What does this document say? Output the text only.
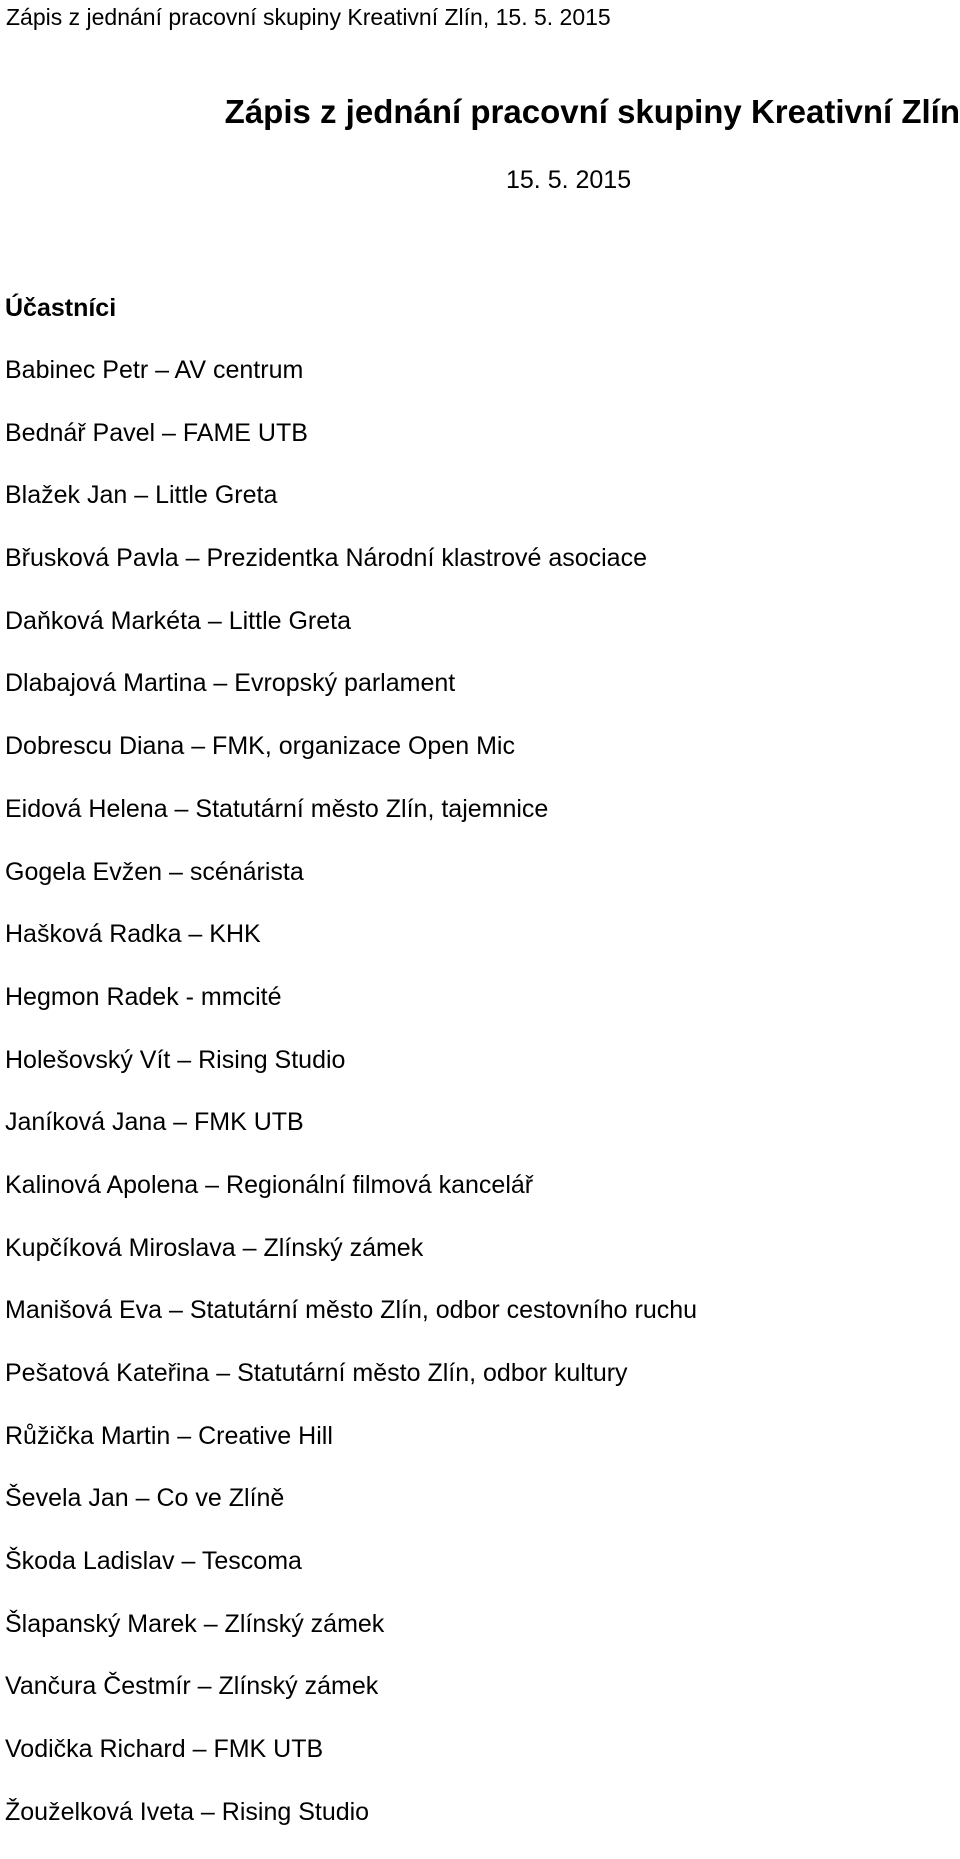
Zápis z jednání pracovní skupiny Kreativní Zlín, 15. 5. 2015
Zápis z jednání pracovní skupiny Kreativní Zlín
15. 5. 2015
Účastníci
Babinec Petr – AV centrum
Bednář Pavel – FAME UTB
Blažek Jan – Little Greta
Břusková Pavla – Prezidentka Národní klastrové asociace
Daňková Markéta – Little Greta
Dlabajová Martina – Evropský parlament
Dobrescu Diana – FMK, organizace Open Mic
Eidová Helena – Statutární město Zlín, tajemnice
Gogela Evžen – scénárista
Hašková Radka – KHK
Hegmon Radek - mmcité
Holešovský Vít – Rising Studio
Janíková Jana – FMK UTB
Kalinová Apolena – Regionální filmová kancelář
Kupčíková Miroslava – Zlínský zámek
Manišová Eva – Statutární město Zlín, odbor cestovního ruchu
Pešatová Kateřina – Statutární město Zlín, odbor kultury
Růžička Martin – Creative Hill
Ševela Jan – Co ve Zlíně
Škoda Ladislav – Tescoma
Šlapanský Marek – Zlínský zámek
Vančura Čestmír – Zlínský zámek
Vodička Richard – FMK UTB
Žouželková Iveta – Rising Studio
